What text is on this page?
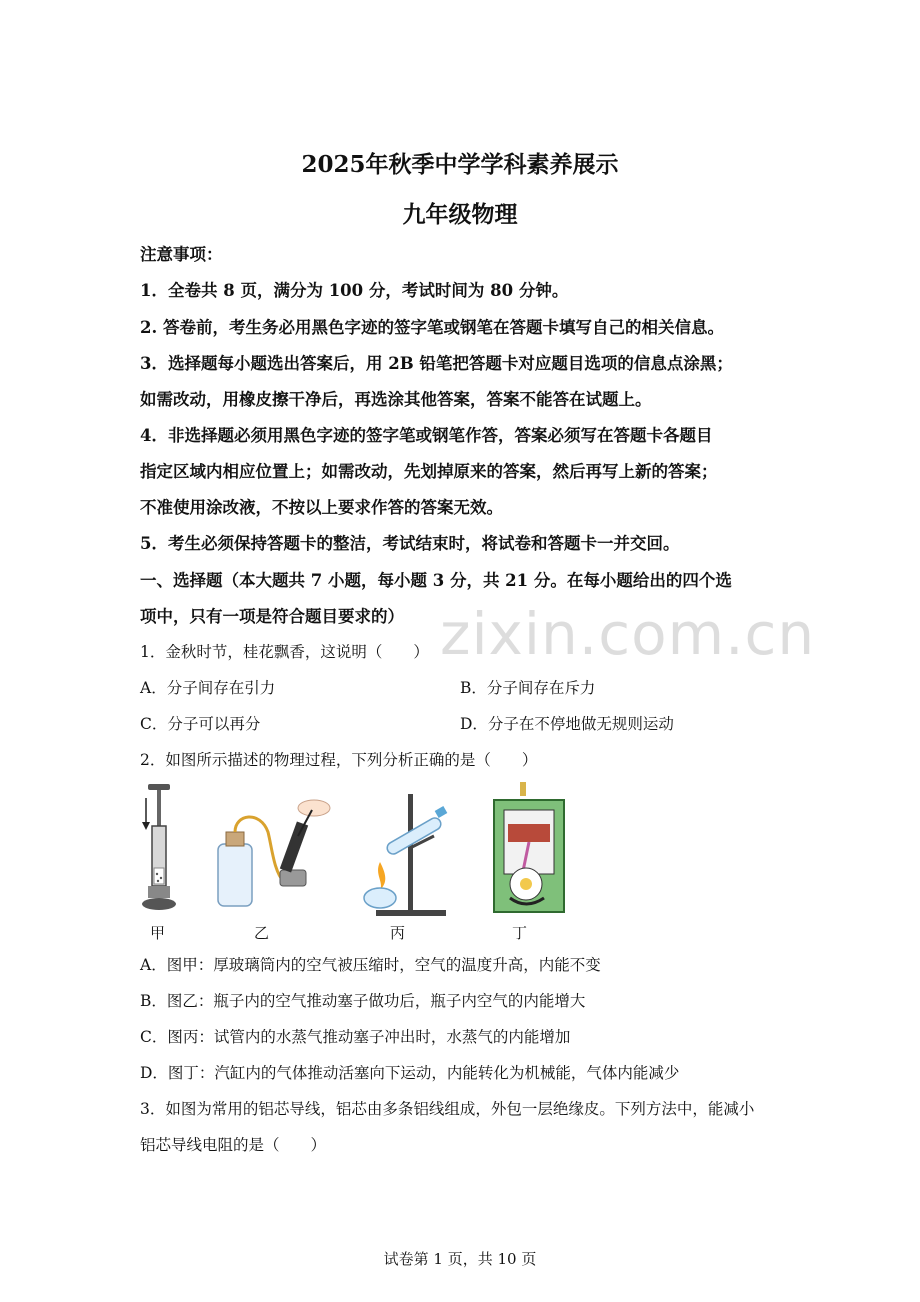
2025年秋季中学学科素养展示
九年级物理
注意事项：
1．全卷共 8 页，满分为 100 分，考试时间为 80 分钟。
2. 答卷前，考生务必用黑色字迹的签字笔或钢笔在答题卡填写自己的相关信息。
3．选择题每小题选出答案后，用 2B 铅笔把答题卡对应题目选项的信息点涂黑；
如需改动，用橡皮擦干净后，再选涂其他答案，答案不能答在试题上。
4．非选择题必须用黑色字迹的签字笔或钢笔作答，答案必须写在答题卡各题目
指定区域内相应位置上；如需改动，先划掉原来的答案，然后再写上新的答案；
不准使用涂改液，不按以上要求作答的答案无效。
5．考生必须保持答题卡的整洁，考试结束时，将试卷和答题卡一并交回。
一、选择题（本大题共 7 小题，每小题 3 分，共 21 分。在每小题给出的四个选
项中，只有一项是符合题目要求的） zixin.com.cn
1．金秋时节，桂花飘香，这说明（　　）
A．分子间存在引力	B．分子间存在斥力
C．分子可以再分	D．分子在不停地做无规则运动
2．如图所示描述的物理过程，下列分析正确的是（　　）
甲	乙	丙	丁
A．图甲：厚玻璃筒内的空气被压缩时，空气的温度升高，内能不变
B．图乙：瓶子内的空气推动塞子做功后，瓶子内空气的内能增大
C．图丙：试管内的水蒸气推动塞子冲出时，水蒸气的内能增加
D．图丁：汽缸内的气体推动活塞向下运动，内能转化为机械能，气体内能减少
3．如图为常用的铝芯导线，铝芯由多条铝线组成，外包一层绝缘皮。下列方法中，能减小
铝芯导线电阻的是（　　）
试卷第 1 页，共 10 页
